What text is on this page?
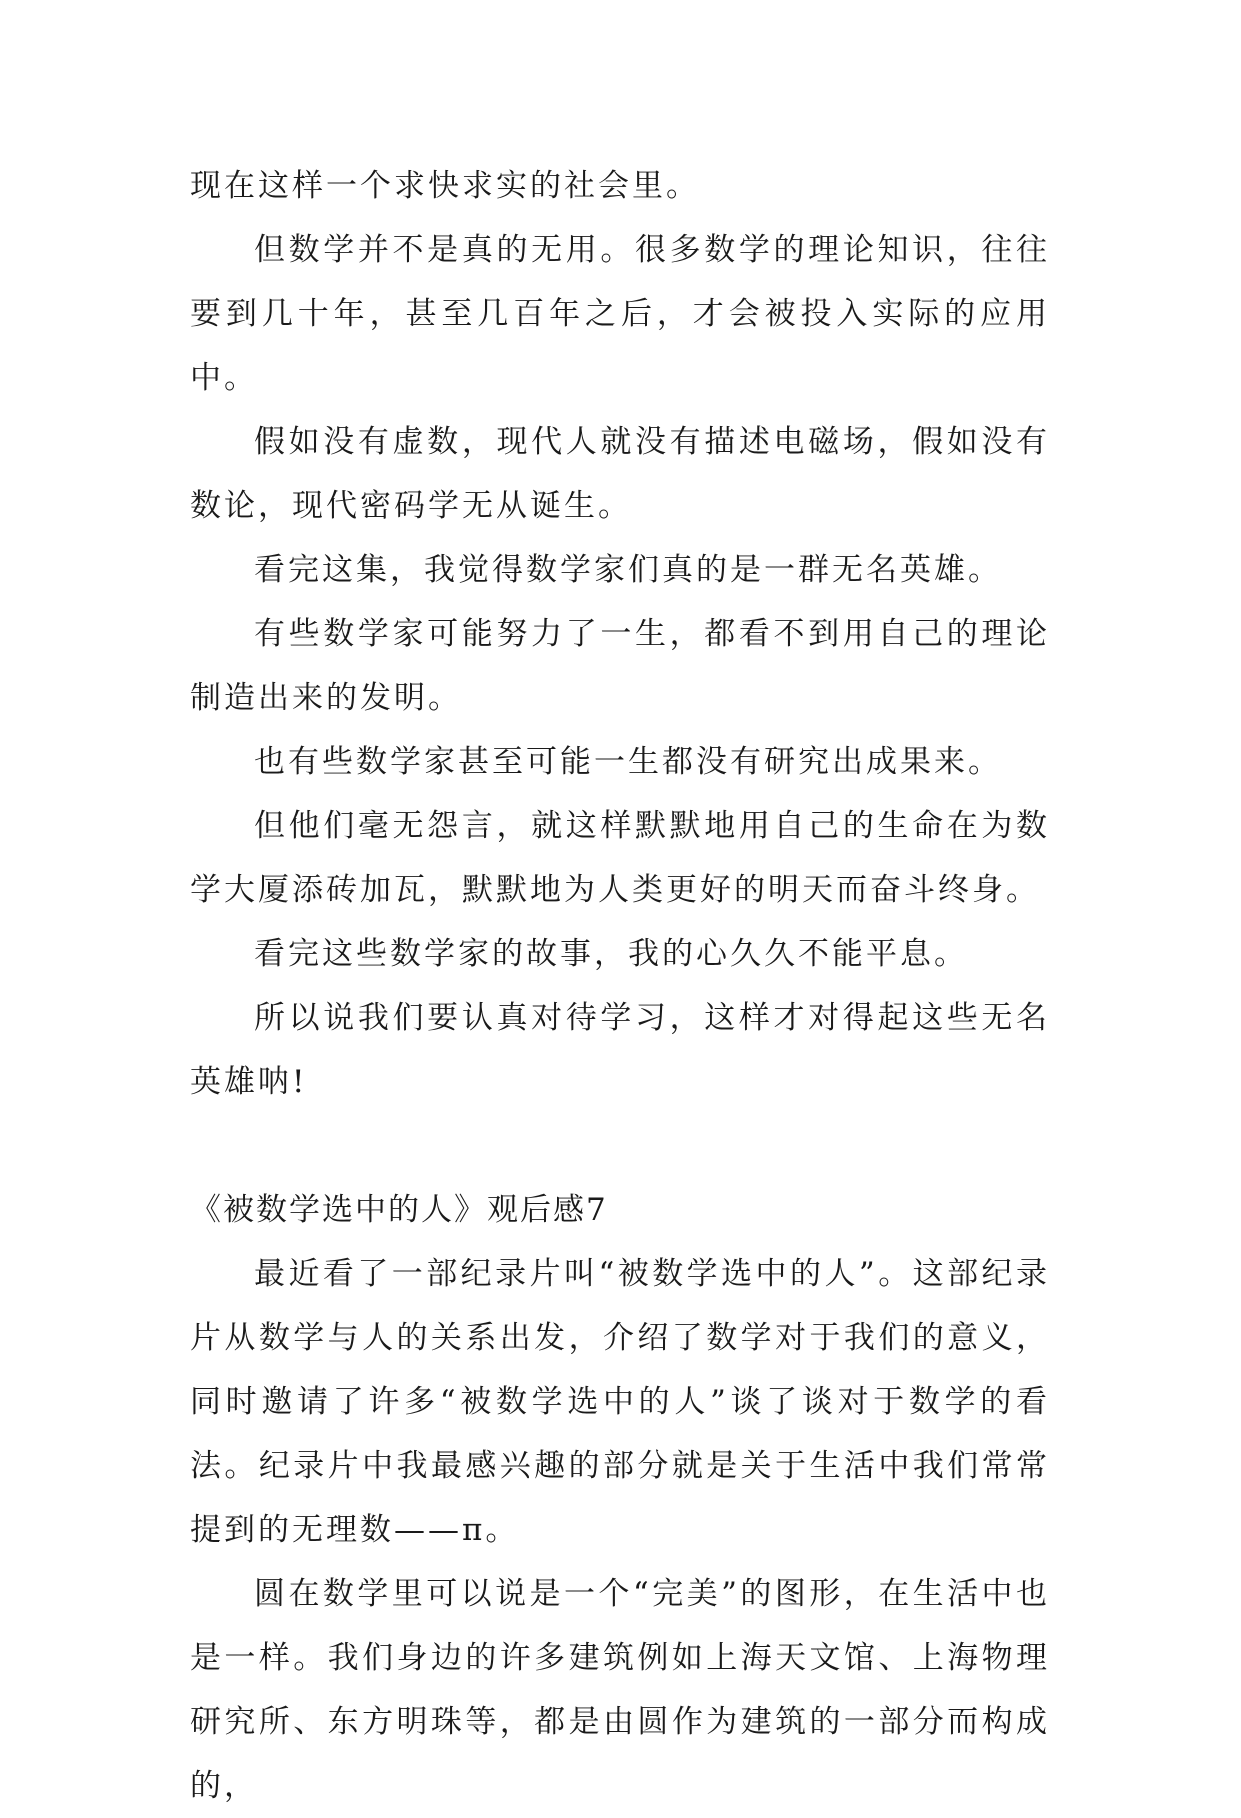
现在这样一个求快求实的社会里。

但数学并不是真的无用。很多数学的理论知识，往往要到几十年，甚至几百年之后，才会被投入实际的应用中。

假如没有虚数，现代人就没有描述电磁场，假如没有数论，现代密码学无从诞生。

看完这集，我觉得数学家们真的是一群无名英雄。

有些数学家可能努力了一生，都看不到用自己的理论制造出来的发明。

也有些数学家甚至可能一生都没有研究出成果来。

但他们毫无怨言，就这样默默地用自己的生命在为数学大厦添砖加瓦，默默地为人类更好的明天而奋斗终身。

看完这些数学家的故事，我的心久久不能平息。

所以说我们要认真对待学习，这样才对得起这些无名英雄呐!

《被数学选中的人》观后感7

最近看了一部纪录片叫“被数学选中的人”。这部纪录片从数学与人的关系出发，介绍了数学对于我们的意义，同时邀请了许多“被数学选中的人”谈了谈对于数学的看法。纪录片中我最感兴趣的部分就是关于生活中我们常常提到的无理数——π。

圆在数学里可以说是一个“完美”的图形，在生活中也是一样。我们身边的许多建筑例如上海天文馆、上海物理研究所、东方明珠等，都是由圆作为建筑的一部分而构成的，
